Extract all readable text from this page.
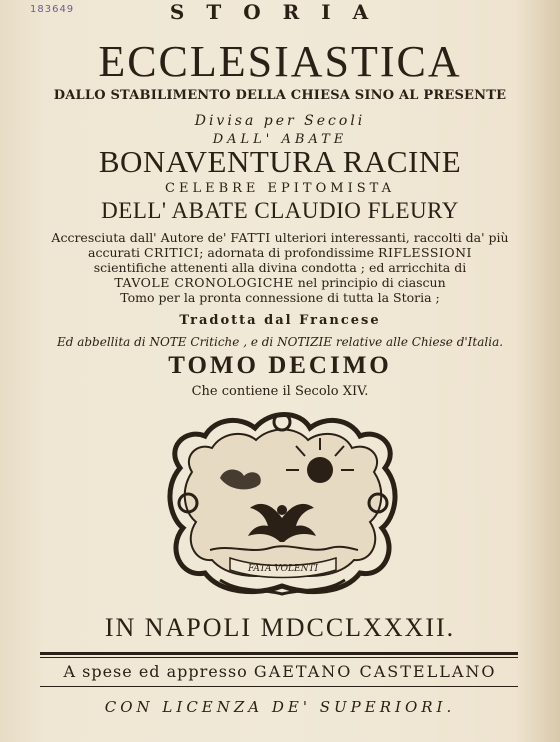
183649	STORIA
ECCLESIASTICA
DALLO STABILIMENTO DELLA CHIESA SINO AL PRESENTE
Divisa per Secoli
DALL' ABATE
BONAVENTURA RACINE
CELEBRE EPITOMISTA
DELL' ABATE CLAUDIO FLEURY
Accresciuta dall' Autore de' FATTI ulteriori interessanti, raccolti da' più
accurati CRITICI; adornata di profondissime RIFLESSIONI
scientifiche attenenti alla divina condotta ; ed arricchita di
TAVOLE CRONOLOGICHE nel principio di ciascun
Tomo per la pronta connessione di tutta la Storia ;
Tradotta dal Francese
Ed abbellita di NOTE Critiche , e di NOTIZIE relative alle Chiese d'Italia.
TOMO DECIMO
Che contiene il Secolo XIV.
FATA VOLENTI
IN NAPOLI MDCCLXXXII.
A spese ed appresso GAETANO CASTELLANO
CON LICENZA DE' SUPERIORI.
